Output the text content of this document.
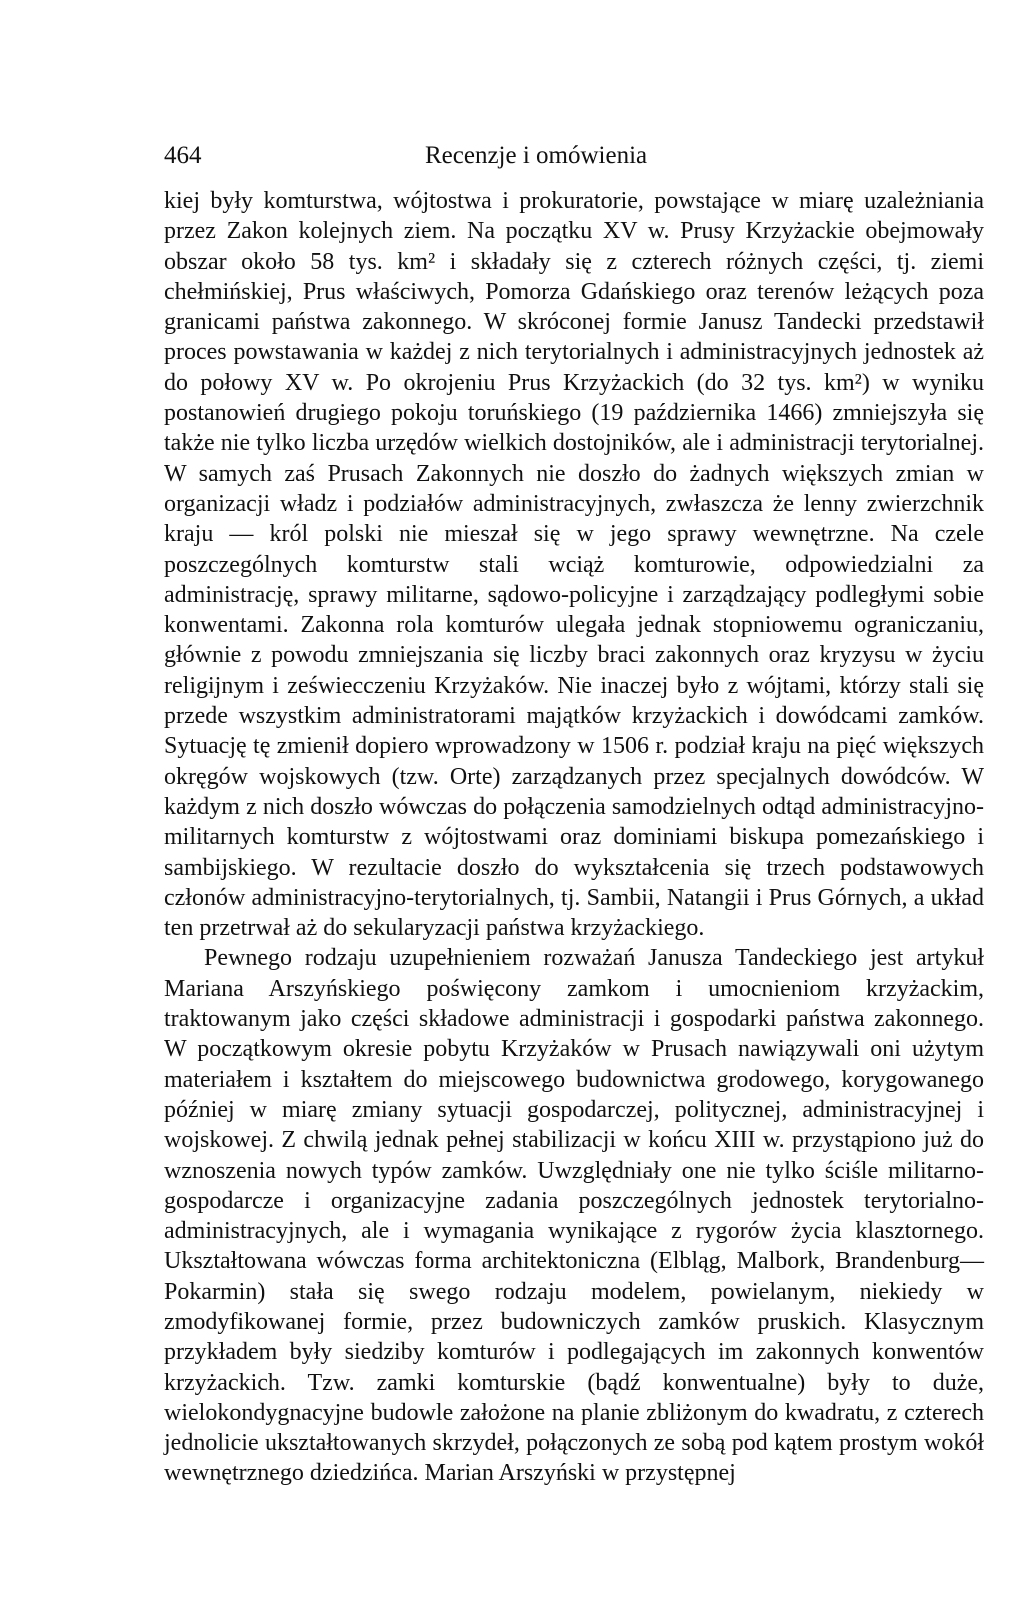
464	Recenzje i omówienia

kiej były komturstwa, wójtostwa i prokuratorie, powstające w miarę uzależniania przez Zakon kolejnych ziem. Na początku XV w. Prusy Krzyżackie obejmowały obszar około 58 tys. km² i składały się z czterech różnych części, tj. ziemi chełmińskiej, Prus właściwych, Pomorza Gdańskiego oraz terenów leżących poza granicami państwa zakonnego. W skróconej formie Janusz Tandecki przedstawił proces powstawania w każdej z nich terytorialnych i administracyjnych jednostek aż do połowy XV w. Po okrojeniu Prus Krzyżackich (do 32 tys. km²) w wyniku postanowień drugiego pokoju toruńskiego (19 października 1466) zmniejszyła się także nie tylko liczba urzędów wielkich dostojników, ale i administracji terytorialnej. W samych zaś Prusach Zakonnych nie doszło do żadnych większych zmian w organizacji władz i podziałów administracyjnych, zwłaszcza że lenny zwierzchnik kraju — król polski nie mieszał się w jego sprawy wewnętrzne. Na czele poszczególnych komturstw stali wciąż komturowie, odpowiedzialni za administrację, sprawy militarne, sądowo-policyjne i zarządzający podległymi sobie konwentami. Zakonna rola komturów ulegała jednak stopniowemu ograniczaniu, głównie z powodu zmniejszania się liczby braci zakonnych oraz kryzysu w życiu religijnym i zeświecczeniu Krzyżaków. Nie inaczej było z wójtami, którzy stali się przede wszystkim administratorami majątków krzyżackich i dowódcami zamków. Sytuację tę zmienił dopiero wprowadzony w 1506 r. podział kraju na pięć większych okręgów wojskowych (tzw. Orte) zarządzanych przez specjalnych dowódców. W każdym z nich doszło wówczas do połączenia samodzielnych odtąd administracyjno-militarnych komturstw z wójtostwami oraz dominiami biskupa pomezańskiego i sambijskiego. W rezultacie doszło do wykształcenia się trzech podstawowych członów administracyjno-terytorialnych, tj. Sambii, Natangii i Prus Górnych, a układ ten przetrwał aż do sekularyzacji państwa krzyżackiego.

Pewnego rodzaju uzupełnieniem rozważań Janusza Tandeckiego jest artykuł Mariana Arszyńskiego poświęcony zamkom i umocnieniom krzyżackim, traktowanym jako części składowe administracji i gospodarki państwa zakonnego. W początkowym okresie pobytu Krzyżaków w Prusach nawiązywali oni użytym materiałem i kształtem do miejscowego budownictwa grodowego, korygowanego później w miarę zmiany sytuacji gospodarczej, politycznej, administracyjnej i wojskowej. Z chwilą jednak pełnej stabilizacji w końcu XIII w. przystąpiono już do wznoszenia nowych typów zamków. Uwzględniały one nie tylko ściśle militarno-gospodarcze i organizacyjne zadania poszczególnych jednostek terytorialno-administracyjnych, ale i wymagania wynikające z rygorów życia klasztornego. Ukształtowana wówczas forma architektoniczna (Elbląg, Malbork, Brandenburg—Pokarmin) stała się swego rodzaju modelem, powielanym, niekiedy w zmodyfikowanej formie, przez budowniczych zamków pruskich. Klasycznym przykładem były siedziby komturów i podlegających im zakonnych konwentów krzyżackich. Tzw. zamki komturskie (bądź konwentualne) były to duże, wielokondygnacyjne budowle założone na planie zbliżonym do kwadratu, z czterech jednolicie ukształtowanych skrzydeł, połączonych ze sobą pod kątem prostym wokół wewnętrznego dziedzińca. Marian Arszyński w przystępnej
